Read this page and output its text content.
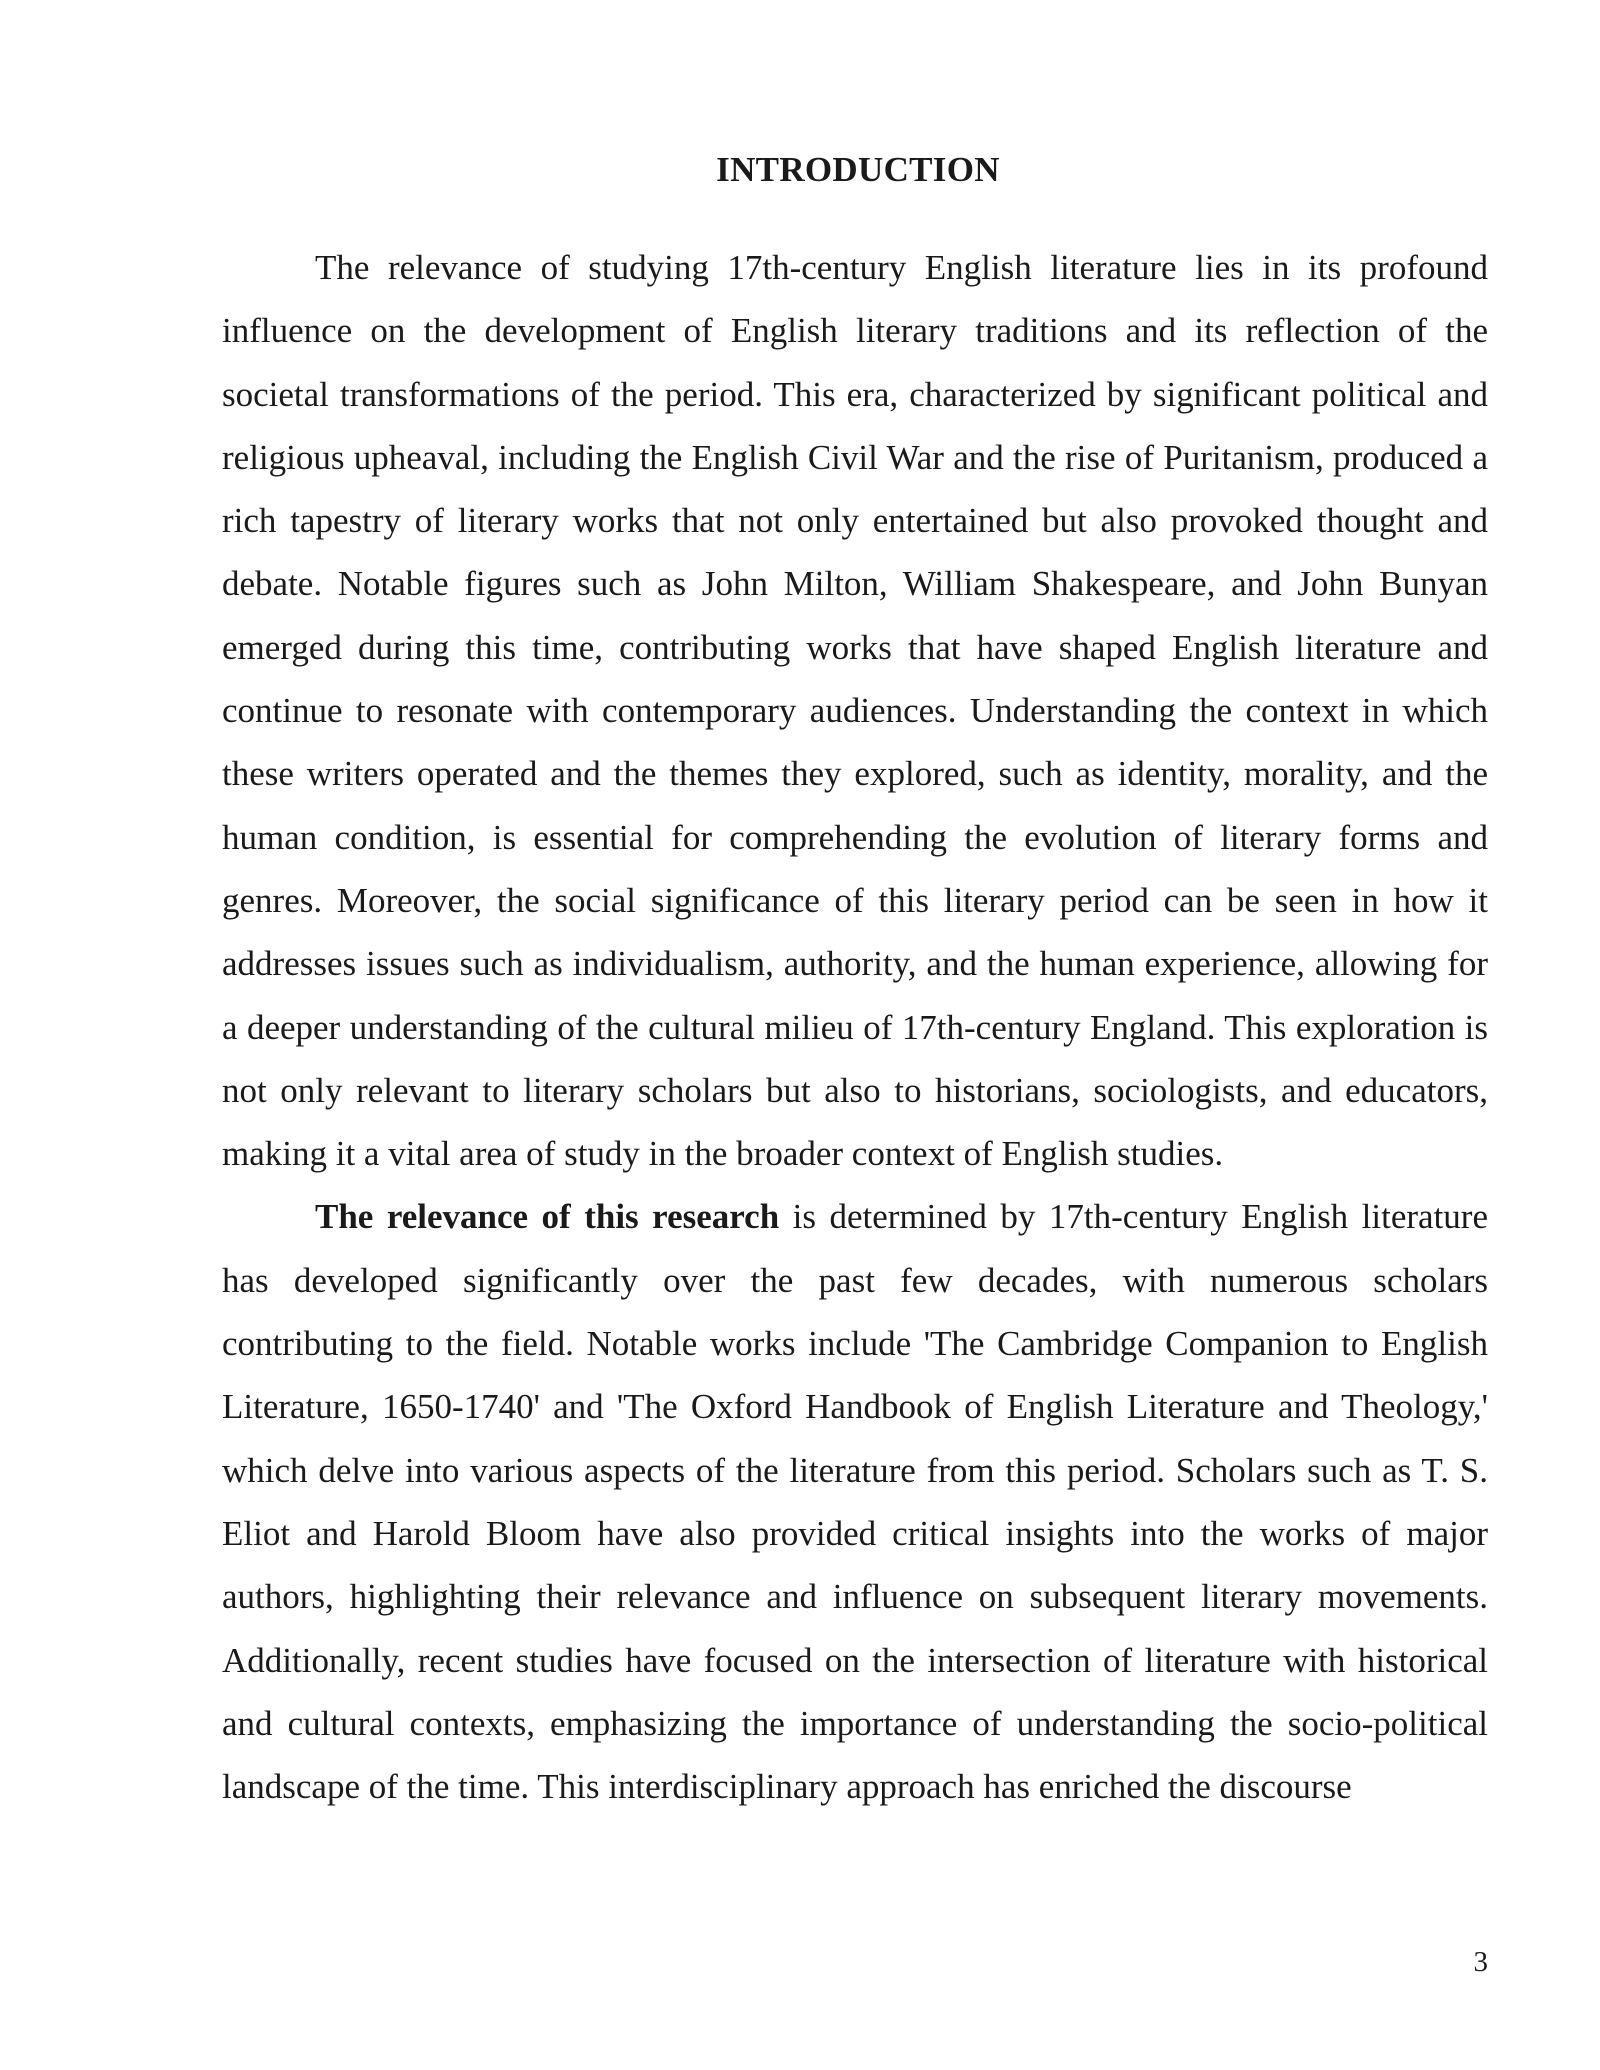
INTRODUCTION

The relevance of studying 17th-century English literature lies in its profound influence on the development of English literary traditions and its reflection of the societal transformations of the period. This era, characterized by significant political and religious upheaval, including the English Civil War and the rise of Puritanism, produced a rich tapestry of literary works that not only entertained but also provoked thought and debate. Notable figures such as John Milton, William Shakespeare, and John Bunyan emerged during this time, contributing works that have shaped English literature and continue to resonate with contemporary audiences. Understanding the context in which these writers operated and the themes they explored, such as identity, morality, and the human condition, is essential for comprehending the evolution of literary forms and genres. Moreover, the social significance of this literary period can be seen in how it addresses issues such as individualism, authority, and the human experience, allowing for a deeper understanding of the cultural milieu of 17th-century England. This exploration is not only relevant to literary scholars but also to historians, sociologists, and educators, making it a vital area of study in the broader context of English studies.

The relevance of this research is determined by 17th-century English literature has developed significantly over the past few decades, with numerous scholars contributing to the field. Notable works include 'The Cambridge Companion to English Literature, 1650-1740' and 'The Oxford Handbook of English Literature and Theology,' which delve into various aspects of the literature from this period. Scholars such as T. S. Eliot and Harold Bloom have also provided critical insights into the works of major authors, highlighting their relevance and influence on subsequent literary movements. Additionally, recent studies have focused on the intersection of literature with historical and cultural contexts, emphasizing the importance of understanding the socio-political landscape of the time. This interdisciplinary approach has enriched the discourse

3
